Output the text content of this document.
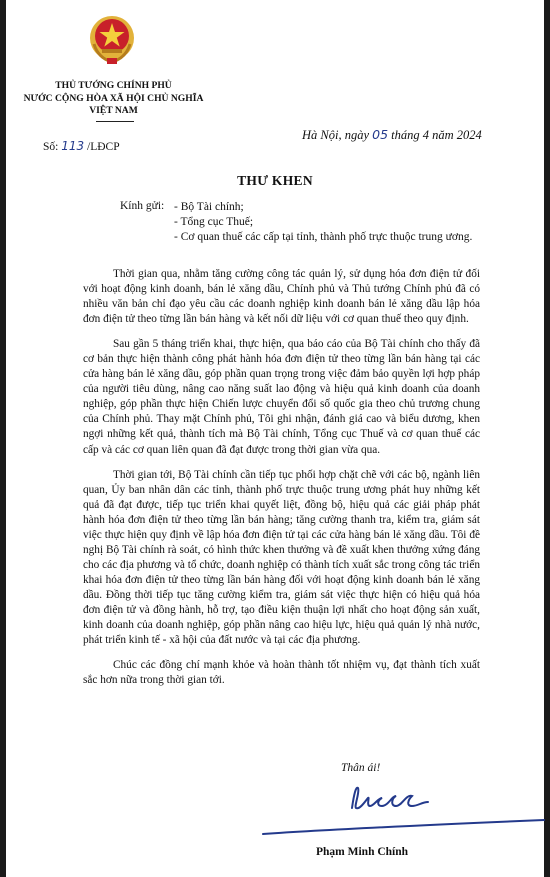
THỦ TƯỚNG CHÍNH PHỦ
NƯỚC CỘNG HÒA XÃ HỘI CHỦ NGHĨA
VIỆT NAM
Số: 113 /LĐCP
Hà Nội, ngày 05 tháng 4 năm 2024
THƯ KHEN
Kính gửi: - Bộ Tài chính;
- Tổng cục Thuế;
- Cơ quan thuế các cấp tại tỉnh, thành phố trực thuộc trung ương.

Thời gian qua, nhằm tăng cường công tác quản lý, sử dụng hóa đơn điện tử đối với hoạt động kinh doanh, bán lẻ xăng dầu, Chính phủ và Thủ tướng Chính phủ đã có nhiều văn bản chỉ đạo yêu cầu các doanh nghiệp kinh doanh bán lẻ xăng dầu lập hóa đơn điện tử theo từng lần bán hàng và kết nối dữ liệu với cơ quan thuế theo quy định.

Sau gần 5 tháng triển khai, thực hiện, qua báo cáo của Bộ Tài chính cho thấy đã cơ bản thực hiện thành công phát hành hóa đơn điện tử theo từng lần bán hàng tại các cửa hàng bán lẻ xăng dầu, góp phần quan trọng trong việc đảm bảo quyền lợi hợp pháp của người tiêu dùng, nâng cao năng suất lao động và hiệu quả kinh doanh của doanh nghiệp, góp phần thực hiện Chiến lược chuyển đổi số quốc gia theo chủ trương chung của Chính phủ. Thay mặt Chính phủ, Tôi ghi nhận, đánh giá cao và biểu dương, khen ngợi những kết quả, thành tích mà Bộ Tài chính, Tổng cục Thuế và cơ quan thuế các cấp và các cơ quan liên quan đã đạt được trong thời gian vừa qua.

Thời gian tới, Bộ Tài chính cần tiếp tục phối hợp chặt chẽ với các bộ, ngành liên quan, Ủy ban nhân dân các tỉnh, thành phố trực thuộc trung ương phát huy những kết quả đã đạt được, tiếp tục triển khai quyết liệt, đồng bộ, hiệu quả các giải pháp phát hành hóa đơn điện tử theo từng lần bán hàng; tăng cường thanh tra, kiểm tra, giám sát việc thực hiện quy định về lập hóa đơn điện tử tại các cửa hàng bán lẻ xăng dầu. Tôi đề nghị Bộ Tài chính rà soát, có hình thức khen thưởng và đề xuất khen thưởng xứng đáng cho các địa phương và tổ chức, doanh nghiệp có thành tích xuất sắc trong công tác triển khai hóa đơn điện tử theo từng lần bán hàng đối với hoạt động kinh doanh bán lẻ xăng dầu. Đồng thời tiếp tục tăng cường kiểm tra, giám sát việc thực hiện có hiệu quả hóa đơn điện tử và đồng hành, hỗ trợ, tạo điều kiện thuận lợi nhất cho hoạt động sản xuất, kinh doanh của doanh nghiệp, góp phần nâng cao hiệu lực, hiệu quả quản lý nhà nước, phát triển kinh tế - xã hội của đất nước và tại các địa phương.

Chúc các đồng chí mạnh khỏe và hoàn thành tốt nhiệm vụ, đạt thành tích xuất sắc hơn nữa trong thời gian tới.

Thân ái!
Phạm Minh Chính
